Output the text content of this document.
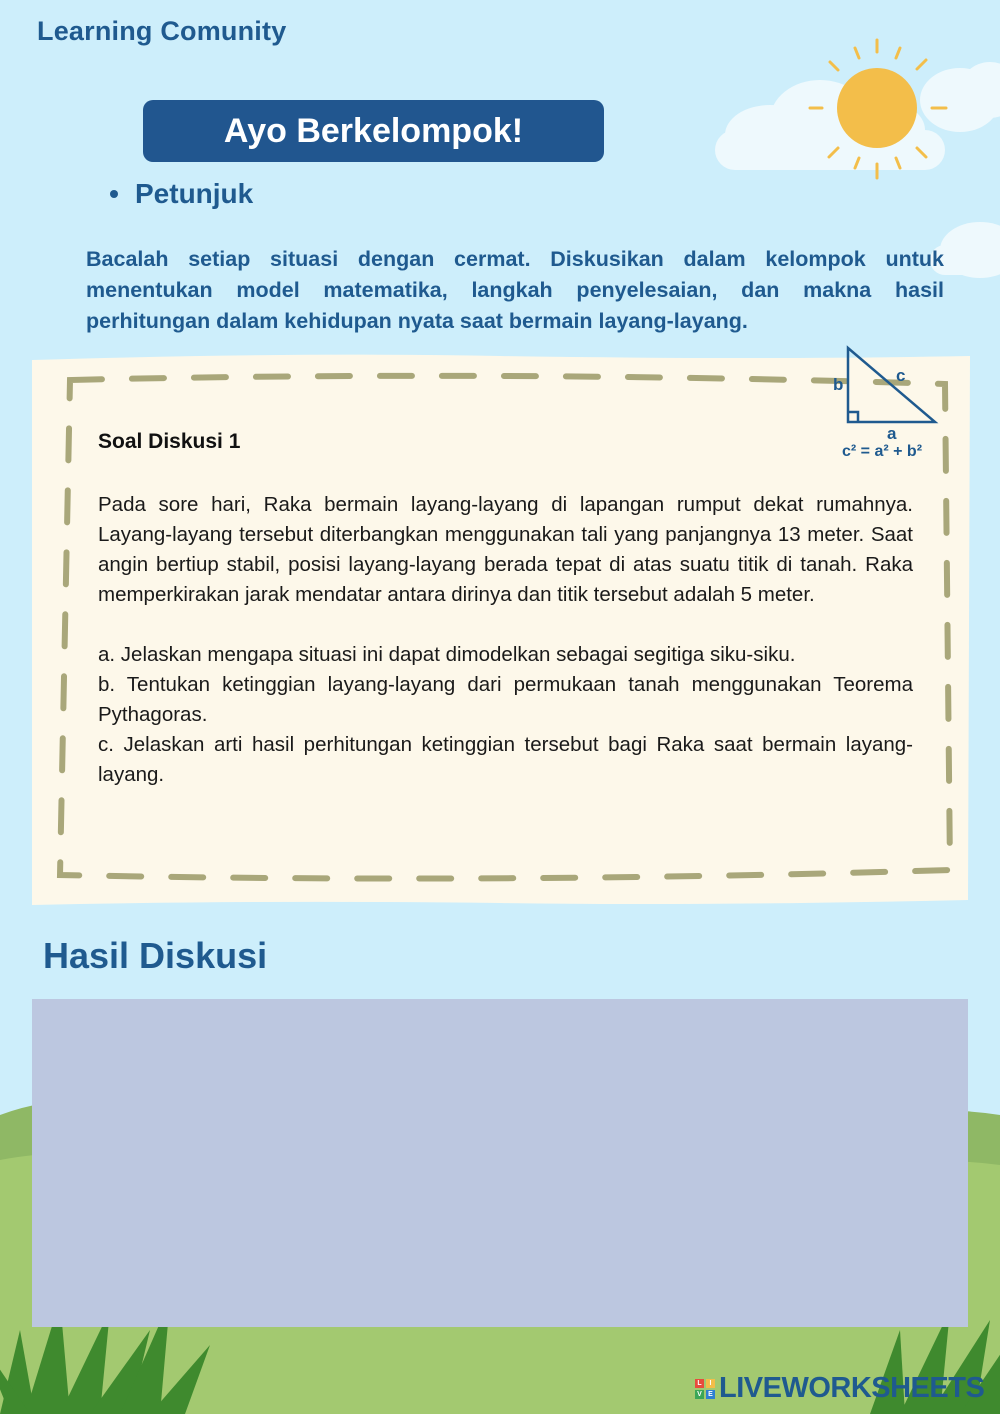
Learning Comunity
Ayo Berkelompok!
Petunjuk
Bacalah setiap situasi dengan cermat. Diskusikan dalam kelompok untuk menentukan model matematika, langkah penyelesaian, dan makna hasil perhitungan dalam kehidupan nyata saat bermain layang-layang.
b	c
a
c² = a² + b²
Soal Diskusi 1

Pada sore hari, Raka bermain layang-layang di lapangan rumput dekat rumahnya. Layang-layang tersebut diterbangkan menggunakan tali yang panjangnya 13 meter. Saat angin bertiup stabil, posisi layang-layang berada tepat di atas suatu titik di tanah. Raka memperkirakan jarak mendatar antara dirinya dan titik tersebut adalah 5 meter.

a. Jelaskan mengapa situasi ini dapat dimodelkan sebagai segitiga siku-siku.

b. Tentukan ketinggian layang-layang dari permukaan tanah menggunakan Teorema Pythagoras.

c. Jelaskan arti hasil perhitungan ketinggian tersebut bagi Raka saat bermain layang-layang.

Hasil Diskusi
L	I
V E LIVEWORKSHEETS
